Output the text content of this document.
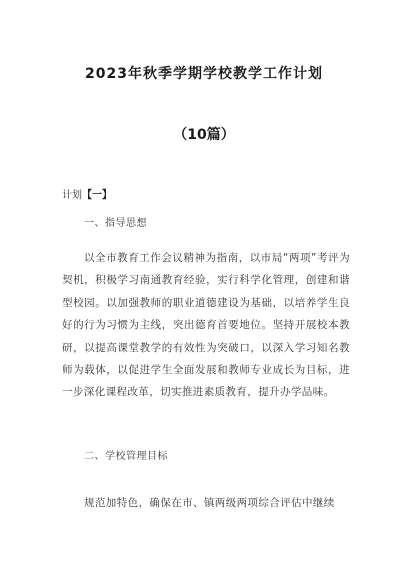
2023年秋季学期学校教学工作计划
（10篇）

计划【一】

一、指导思想

以全市教育工作会议精神为指南，以市局“两项”考评为契机，积极学习南通教育经验，实行科学化管理，创建和谐型校园。以加强教师的职业道德建设为基础，以培养学生良好的行为习惯为主线，突出德育首要地位。坚持开展校本教研，以提高课堂教学的有效性为突破口，以深入学习知名教师为载体，以促进学生全面发展和教师专业成长为目标，进一步深化课程改革，切实推进素质教育，提升办学品味。

二、学校管理目标

规范加特色，确保在市、镇两级两项综合评估中继续
